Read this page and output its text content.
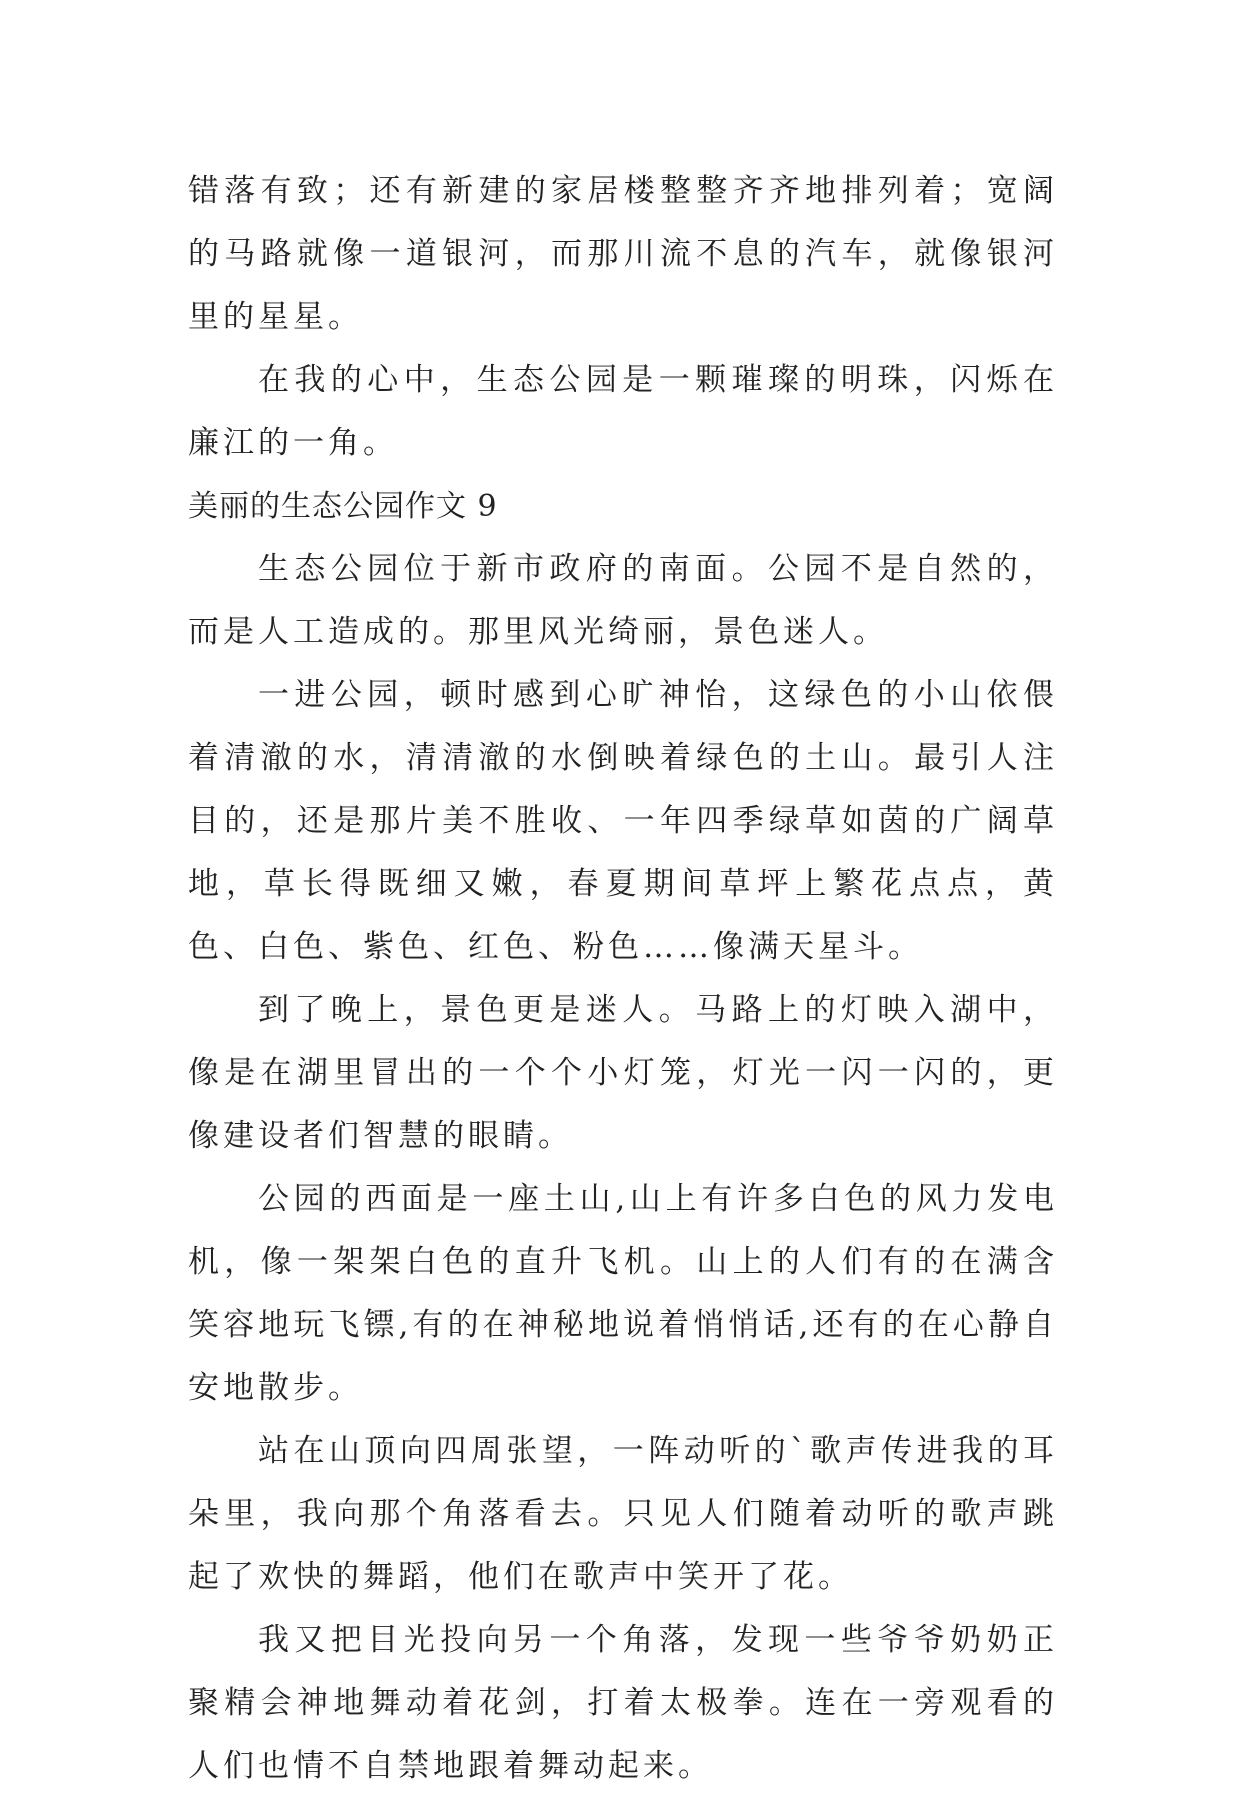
错落有致；还有新建的家居楼整整齐齐地排列着；宽阔的马路就像一道银河，而那川流不息的汽车，就像银河里的星星。

在我的心中，生态公园是一颗璀璨的明珠，闪烁在廉江的一角。

美丽的生态公园作文 9

生态公园位于新市政府的南面。公园不是自然的，而是人工造成的。那里风光绮丽，景色迷人。

一进公园，顿时感到心旷神怡，这绿色的小山依偎着清澈的水，清清澈的水倒映着绿色的土山。最引人注目的，还是那片美不胜收、一年四季绿草如茵的广阔草地，草长得既细又嫩，春夏期间草坪上繁花点点，黄色、白色、紫色、红色、粉色……像满天星斗。

到了晚上，景色更是迷人。马路上的灯映入湖中，像是在湖里冒出的一个个小灯笼，灯光一闪一闪的，更像建设者们智慧的眼睛。

公园的西面是一座土山,山上有许多白色的风力发电机，像一架架白色的直升飞机。山上的人们有的在满含笑容地玩飞镖,有的在神秘地说着悄悄话,还有的在心静自安地散步。

站在山顶向四周张望，一阵动听的`歌声传进我的耳朵里，我向那个角落看去。只见人们随着动听的歌声跳起了欢快的舞蹈，他们在歌声中笑开了花。

我又把目光投向另一个角落，发现一些爷爷奶奶正聚精会神地舞动着花剑，打着太极拳。连在一旁观看的人们也情不自禁地跟着舞动起来。
